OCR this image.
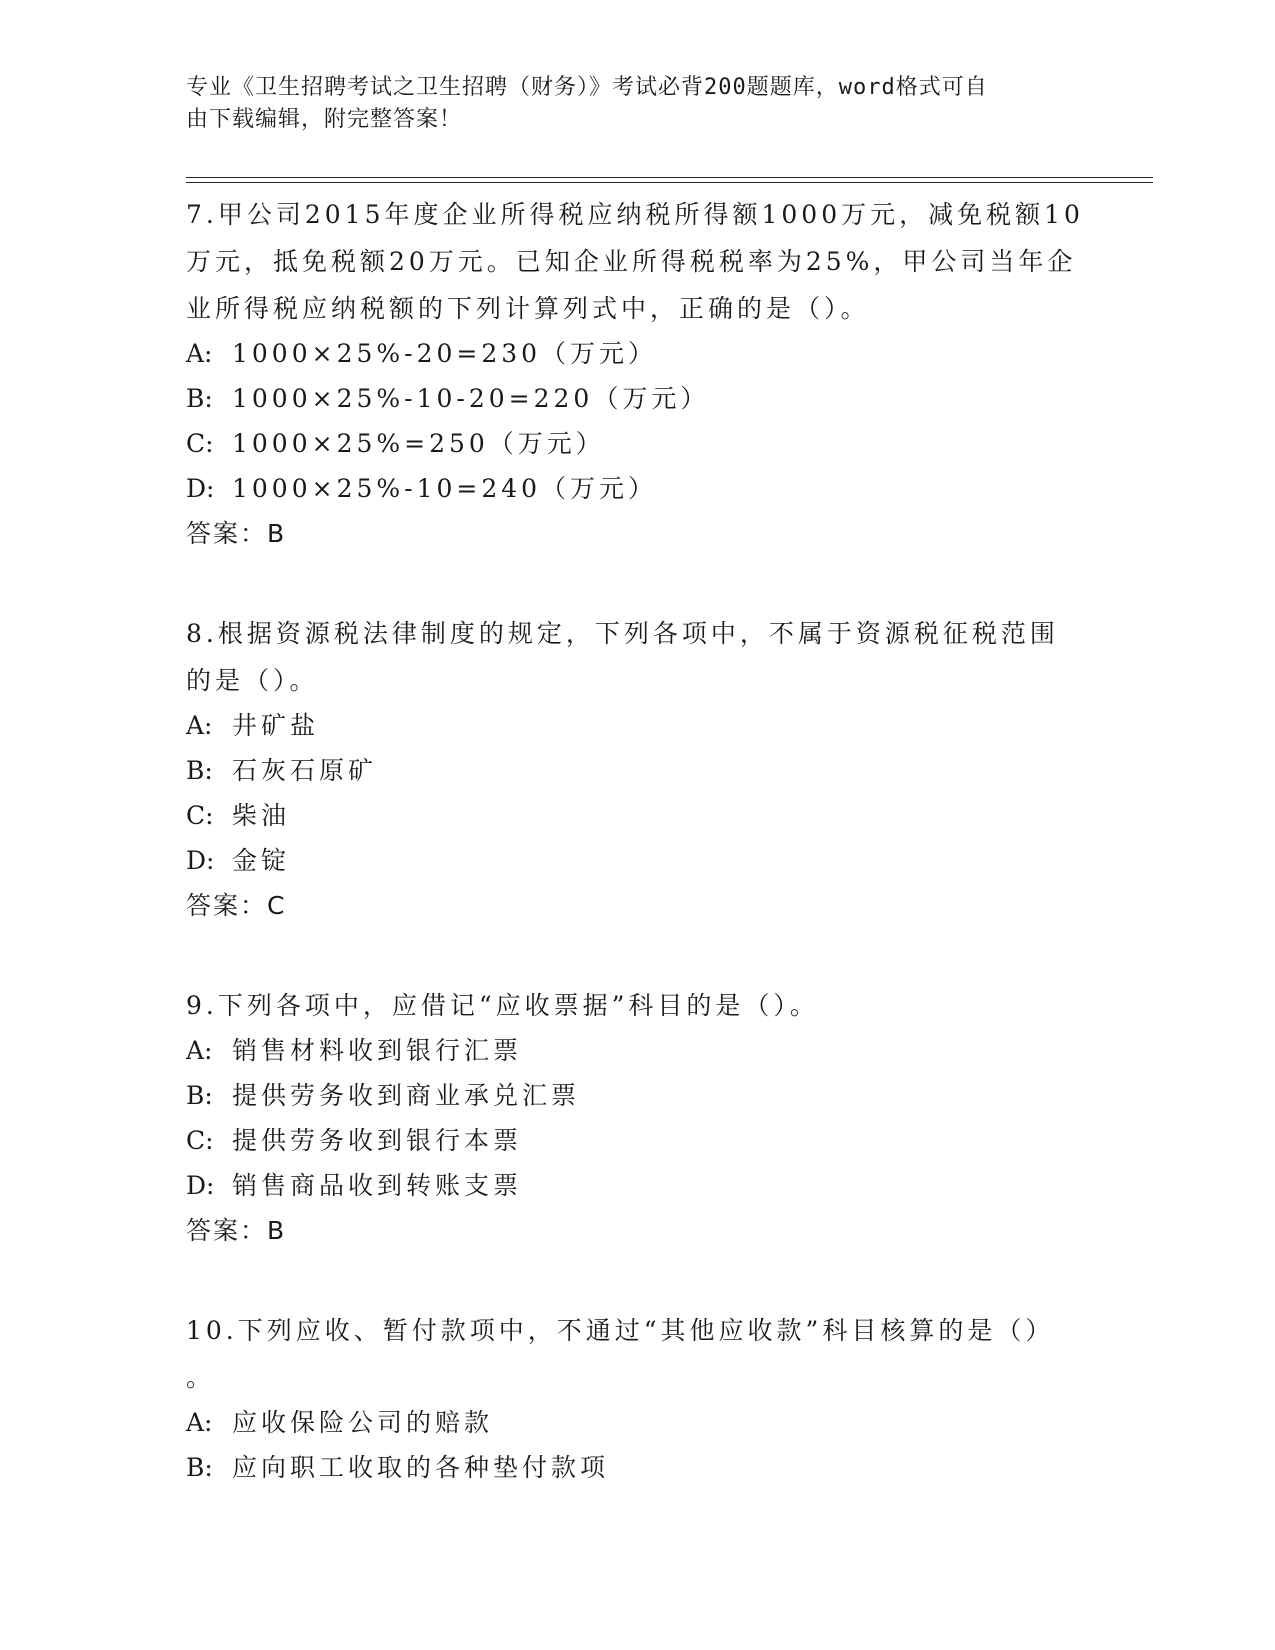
专业《卫生招聘考试之卫生招聘（财务）》考试必背200题题库，word格式可自
由下载编辑，附完整答案！
7.甲公司2015年度企业所得税应纳税所得额1000万元，减免税额10
万元，抵免税额20万元。已知企业所得税税率为25%，甲公司当年企
业所得税应纳税额的下列计算列式中，正确的是（）。
A: 1000×25%-20=230（万元）
B: 1000×25%-10-20=220（万元）
C: 1000×25%=250（万元）
D: 1000×25%-10=240（万元）
答案：B
8.根据资源税法律制度的规定，下列各项中，不属于资源税征税范围
的是（）。
A: 井矿盐
B: 石灰石原矿
C: 柴油
D: 金锭
答案：C
9.下列各项中，应借记“应收票据”科目的是（）。
A: 销售材料收到银行汇票
B: 提供劳务收到商业承兑汇票
C: 提供劳务收到银行本票
D: 销售商品收到转账支票
答案：B
10.下列应收、暂付款项中，不通过“其他应收款”科目核算的是（）
。
A: 应收保险公司的赔款
B: 应向职工收取的各种垫付款项
